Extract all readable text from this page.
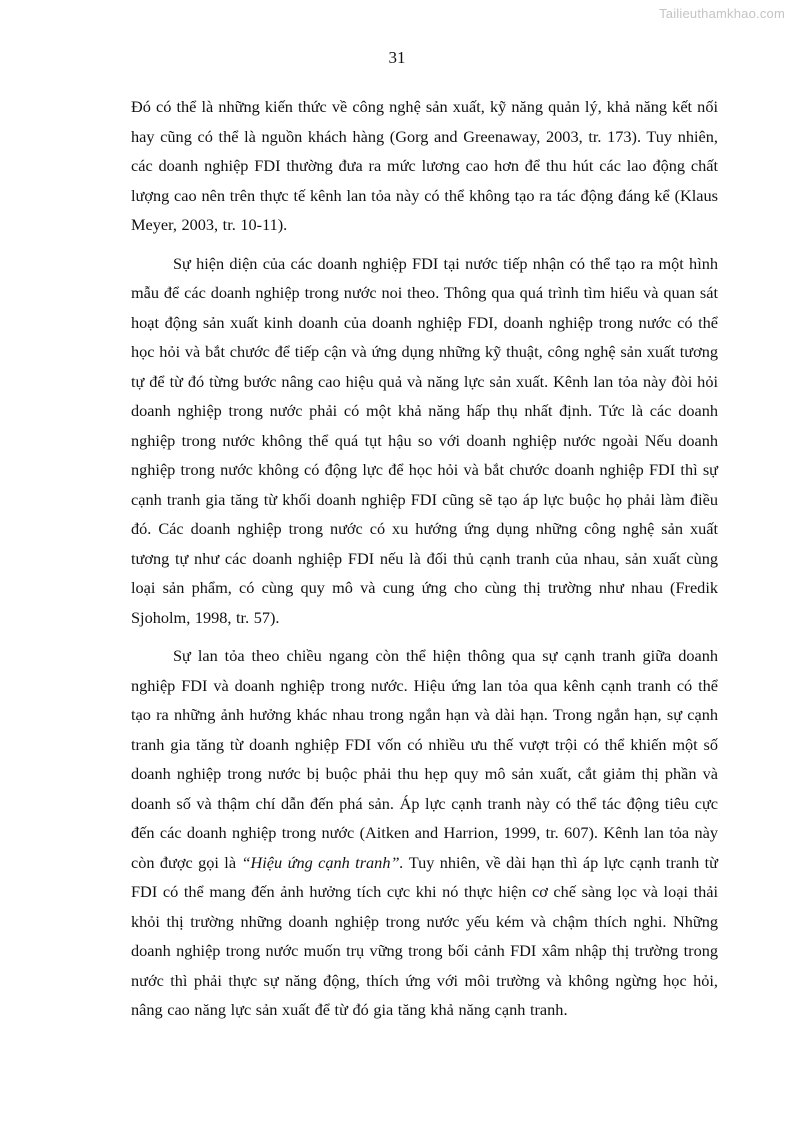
Tailieuthamkhao.com
31

Đó có thể là những kiến thức về công nghệ sản xuất, kỹ năng quản lý, khả năng kết nối hay cũng có thể là nguồn khách hàng (Gorg and Greenaway, 2003, tr. 173). Tuy nhiên, các doanh nghiệp FDI thường đưa ra mức lương cao hơn để thu hút các lao động chất lượng cao nên trên thực tế kênh lan tỏa này có thể không tạo ra tác động đáng kể (Klaus Meyer, 2003, tr. 10-11).

Sự hiện diện của các doanh nghiệp FDI tại nước tiếp nhận có thể tạo ra một hình mẫu để các doanh nghiệp trong nước noi theo. Thông qua quá trình tìm hiểu và quan sát hoạt động sản xuất kinh doanh của doanh nghiệp FDI, doanh nghiệp trong nước có thể học hỏi và bắt chước để tiếp cận và ứng dụng những kỹ thuật, công nghệ sản xuất tương tự để từ đó từng bước nâng cao hiệu quả và năng lực sản xuất. Kênh lan tỏa này đòi hỏi doanh nghiệp trong nước phải có một khả năng hấp thụ nhất định. Tức là các doanh nghiệp trong nước không thể quá tụt hậu so với doanh nghiệp nước ngoài Nếu doanh nghiệp trong nước không có động lực để học hỏi và bắt chước doanh nghiệp FDI thì sự cạnh tranh gia tăng từ khối doanh nghiệp FDI cũng sẽ tạo áp lực buộc họ phải làm điều đó. Các doanh nghiệp trong nước có xu hướng ứng dụng những công nghệ sản xuất tương tự như các doanh nghiệp FDI nếu là đối thủ cạnh tranh của nhau, sản xuất cùng loại sản phẩm, có cùng quy mô và cung ứng cho cùng thị trường như nhau (Fredik Sjoholm, 1998, tr. 57).

Sự lan tỏa theo chiều ngang còn thể hiện thông qua sự cạnh tranh giữa doanh nghiệp FDI và doanh nghiệp trong nước. Hiệu ứng lan tỏa qua kênh cạnh tranh có thể tạo ra những ảnh hưởng khác nhau trong ngắn hạn và dài hạn. Trong ngắn hạn, sự cạnh tranh gia tăng từ doanh nghiệp FDI vốn có nhiều ưu thế vượt trội có thể khiến một số doanh nghiệp trong nước bị buộc phải thu hẹp quy mô sản xuất, cắt giảm thị phần và doanh số và thậm chí dẫn đến phá sản. Áp lực cạnh tranh này có thể tác động tiêu cực đến các doanh nghiệp trong nước (Aitken and Harrion, 1999, tr. 607). Kênh lan tỏa này còn được gọi là “Hiệu ứng cạnh tranh”. Tuy nhiên, về dài hạn thì áp lực cạnh tranh từ FDI có thể mang đến ảnh hưởng tích cực khi nó thực hiện cơ chế sàng lọc và loại thải khỏi thị trường những doanh nghiệp trong nước yếu kém và chậm thích nghi. Những doanh nghiệp trong nước muốn trụ vững trong bối cảnh FDI xâm nhập thị trường trong nước thì phải thực sự năng động, thích ứng với môi trường và không ngừng học hỏi, nâng cao năng lực sản xuất để từ đó gia tăng khả năng cạnh tranh.
